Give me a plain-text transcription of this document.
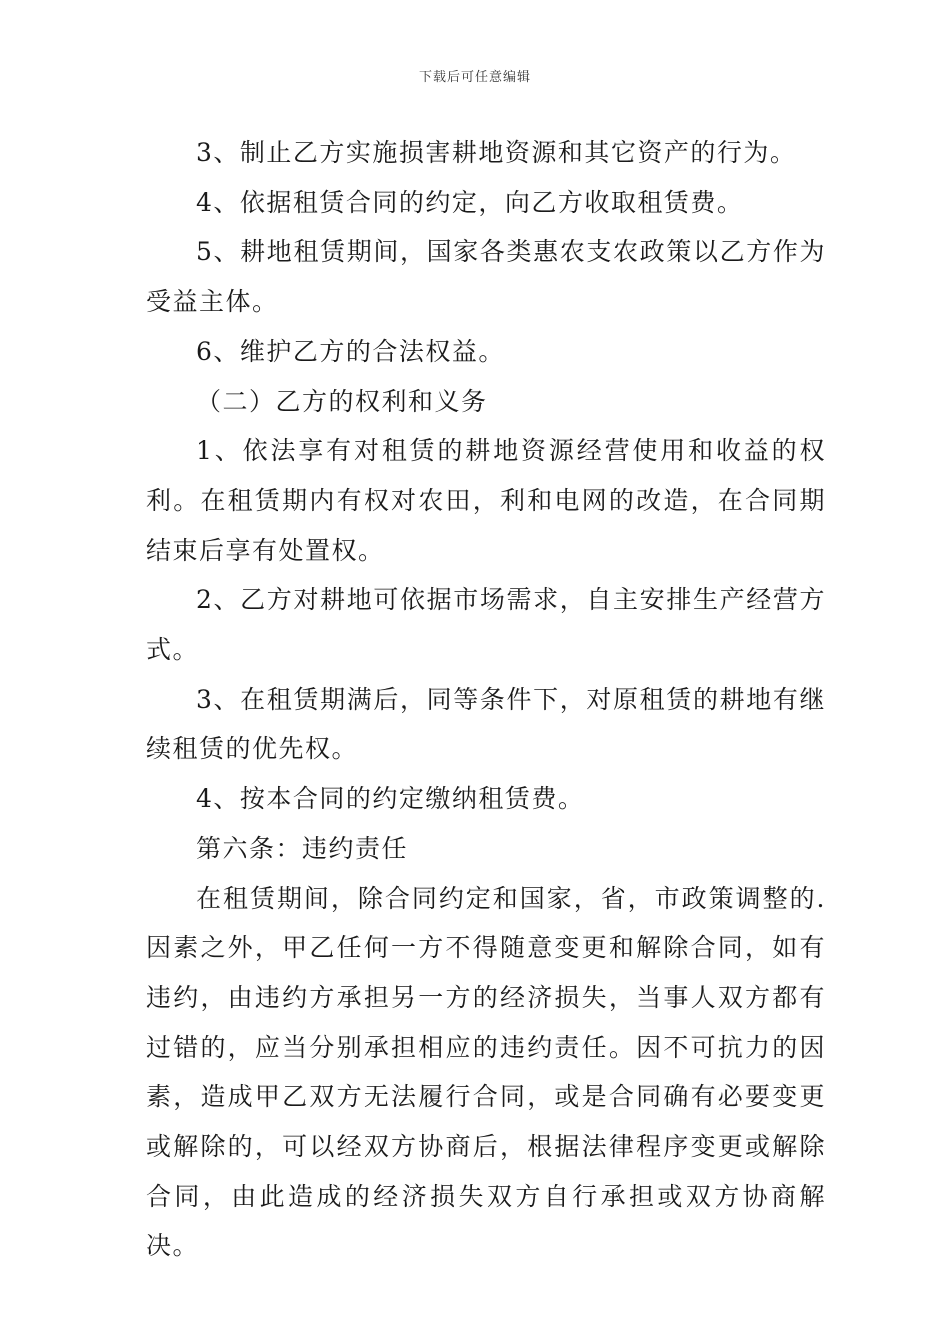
下载后可任意编辑

3、制止乙方实施损害耕地资源和其它资产的行为。

4、依据租赁合同的约定，向乙方收取租赁费。

5、耕地租赁期间，国家各类惠农支农政策以乙方作为受益主体。

6、维护乙方的合法权益。

（二）乙方的权利和义务

1、依法享有对租赁的耕地资源经营使用和收益的权利。在租赁期内有权对农田，利和电网的改造，在合同期结束后享有处置权。

2、乙方对耕地可依据市场需求，自主安排生产经营方式。

3、在租赁期满后，同等条件下，对原租赁的耕地有继续租赁的优先权。

4、按本合同的约定缴纳租赁费。

第六条：违约责任

在租赁期间，除合同约定和国家，省，市政策调整的.因素之外，甲乙任何一方不得随意变更和解除合同，如有违约，由违约方承担另一方的经济损失，当事人双方都有过错的，应当分别承担相应的违约责任。因不可抗力的因素，造成甲乙双方无法履行合同，或是合同确有必要变更或解除的，可以经双方协商后，根据法律程序变更或解除合同，由此造成的经济损失双方自行承担或双方协商解决。
